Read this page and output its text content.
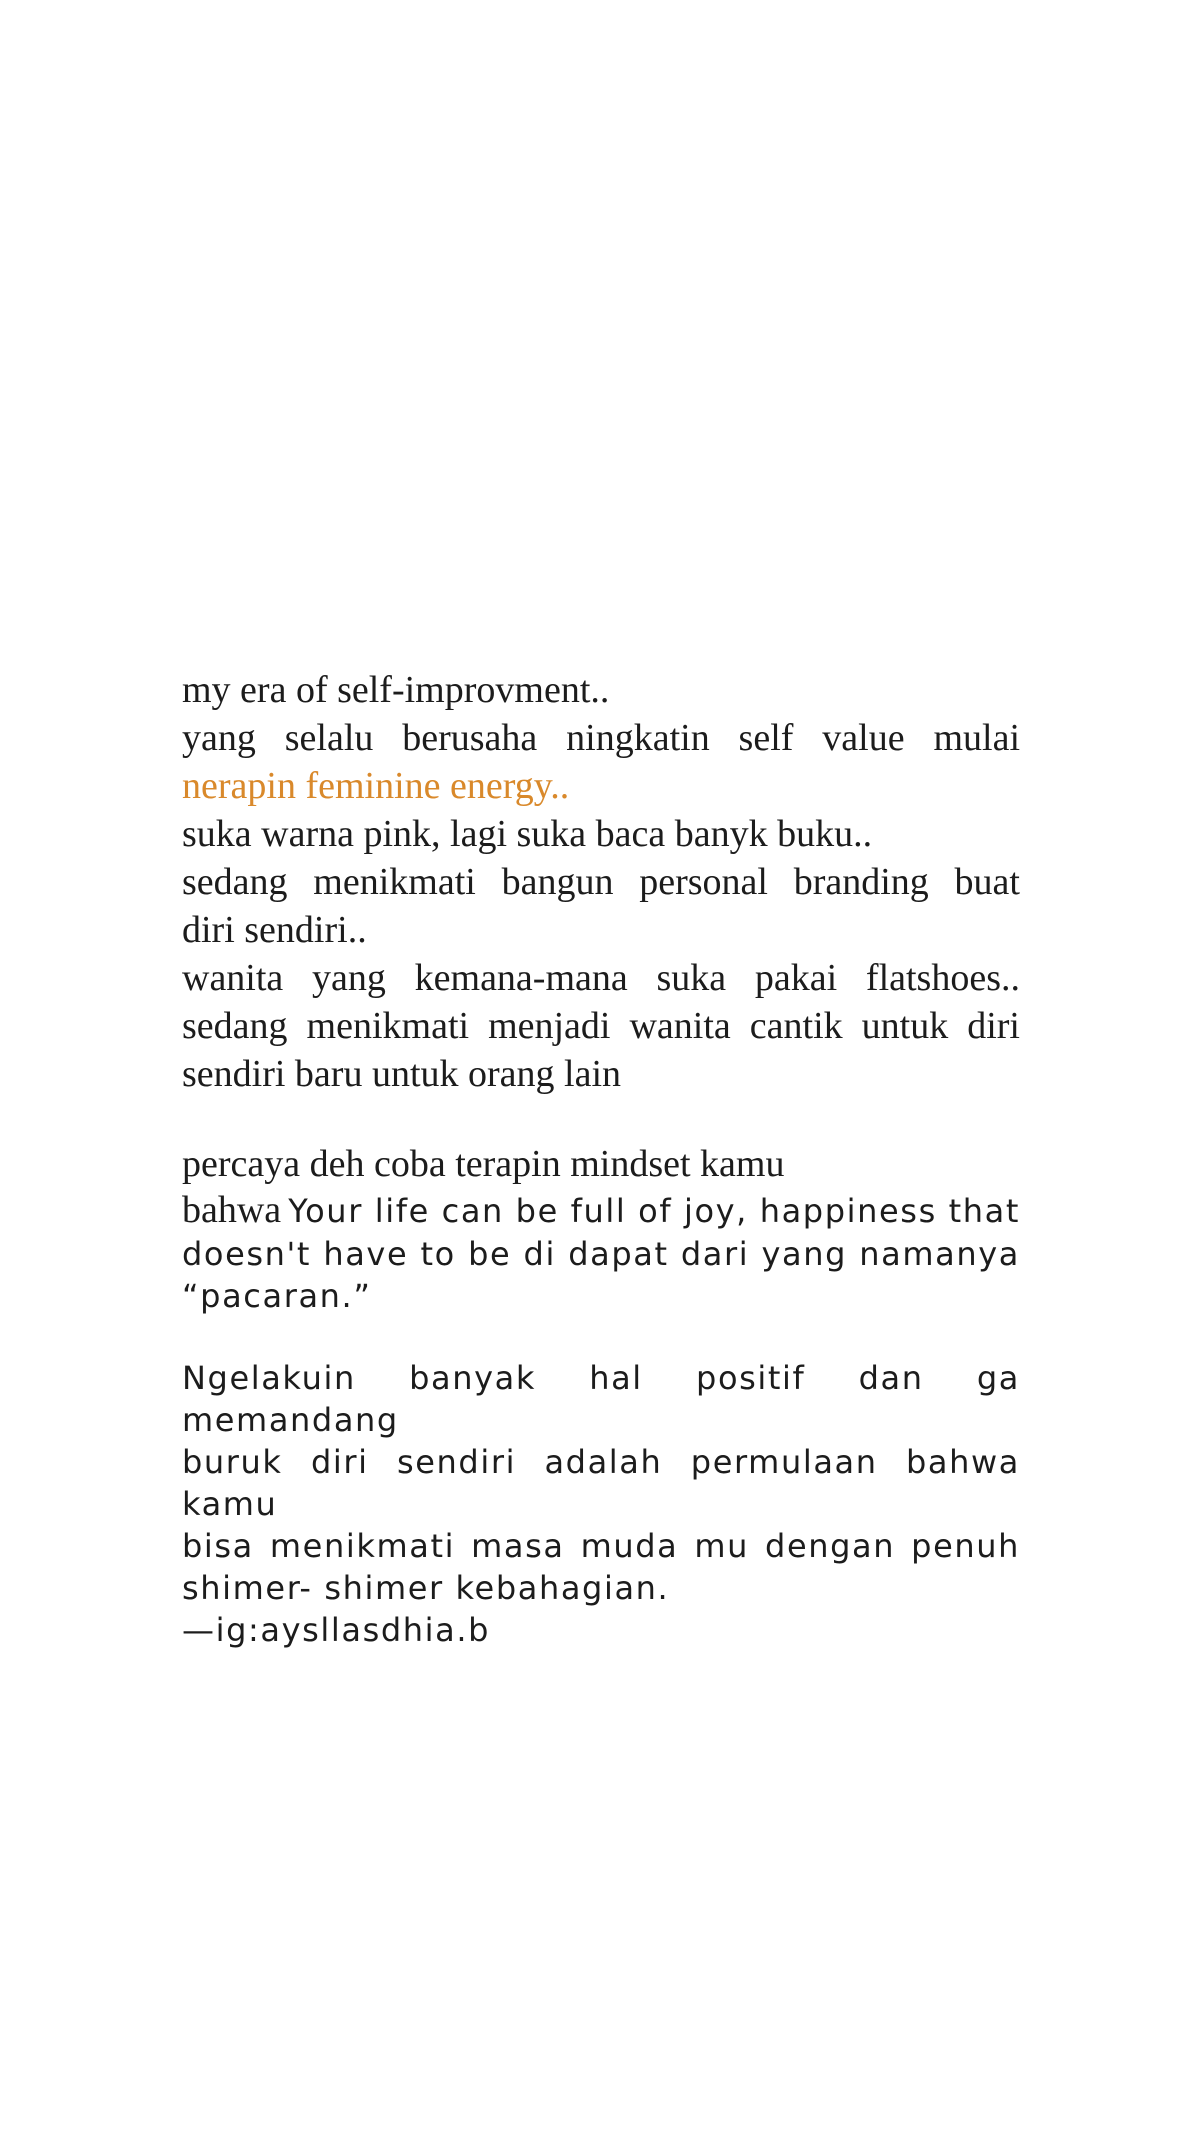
my era of self-improvment..
yang selalu berusaha ningkatin self value mulai
nerapin feminine energy..
suka warna pink, lagi suka baca banyk buku..
sedang menikmati bangun personal branding buat
diri sendiri..
wanita yang kemana-mana suka pakai flatshoes..
sedang menikmati menjadi wanita cantik untuk diri
sendiri baru untuk orang lain
percaya deh coba terapin mindset kamu
bahwa Your life can be full of joy, happiness that
doesn't have to be di dapat dari yang namanya
“pacaran.”
Ngelakuin banyak hal positif dan ga memandang
buruk diri sendiri adalah permulaan bahwa kamu
bisa menikmati masa muda mu dengan penuh
shimer- shimer kebahagian.
—ig:aysllasdhia.b
